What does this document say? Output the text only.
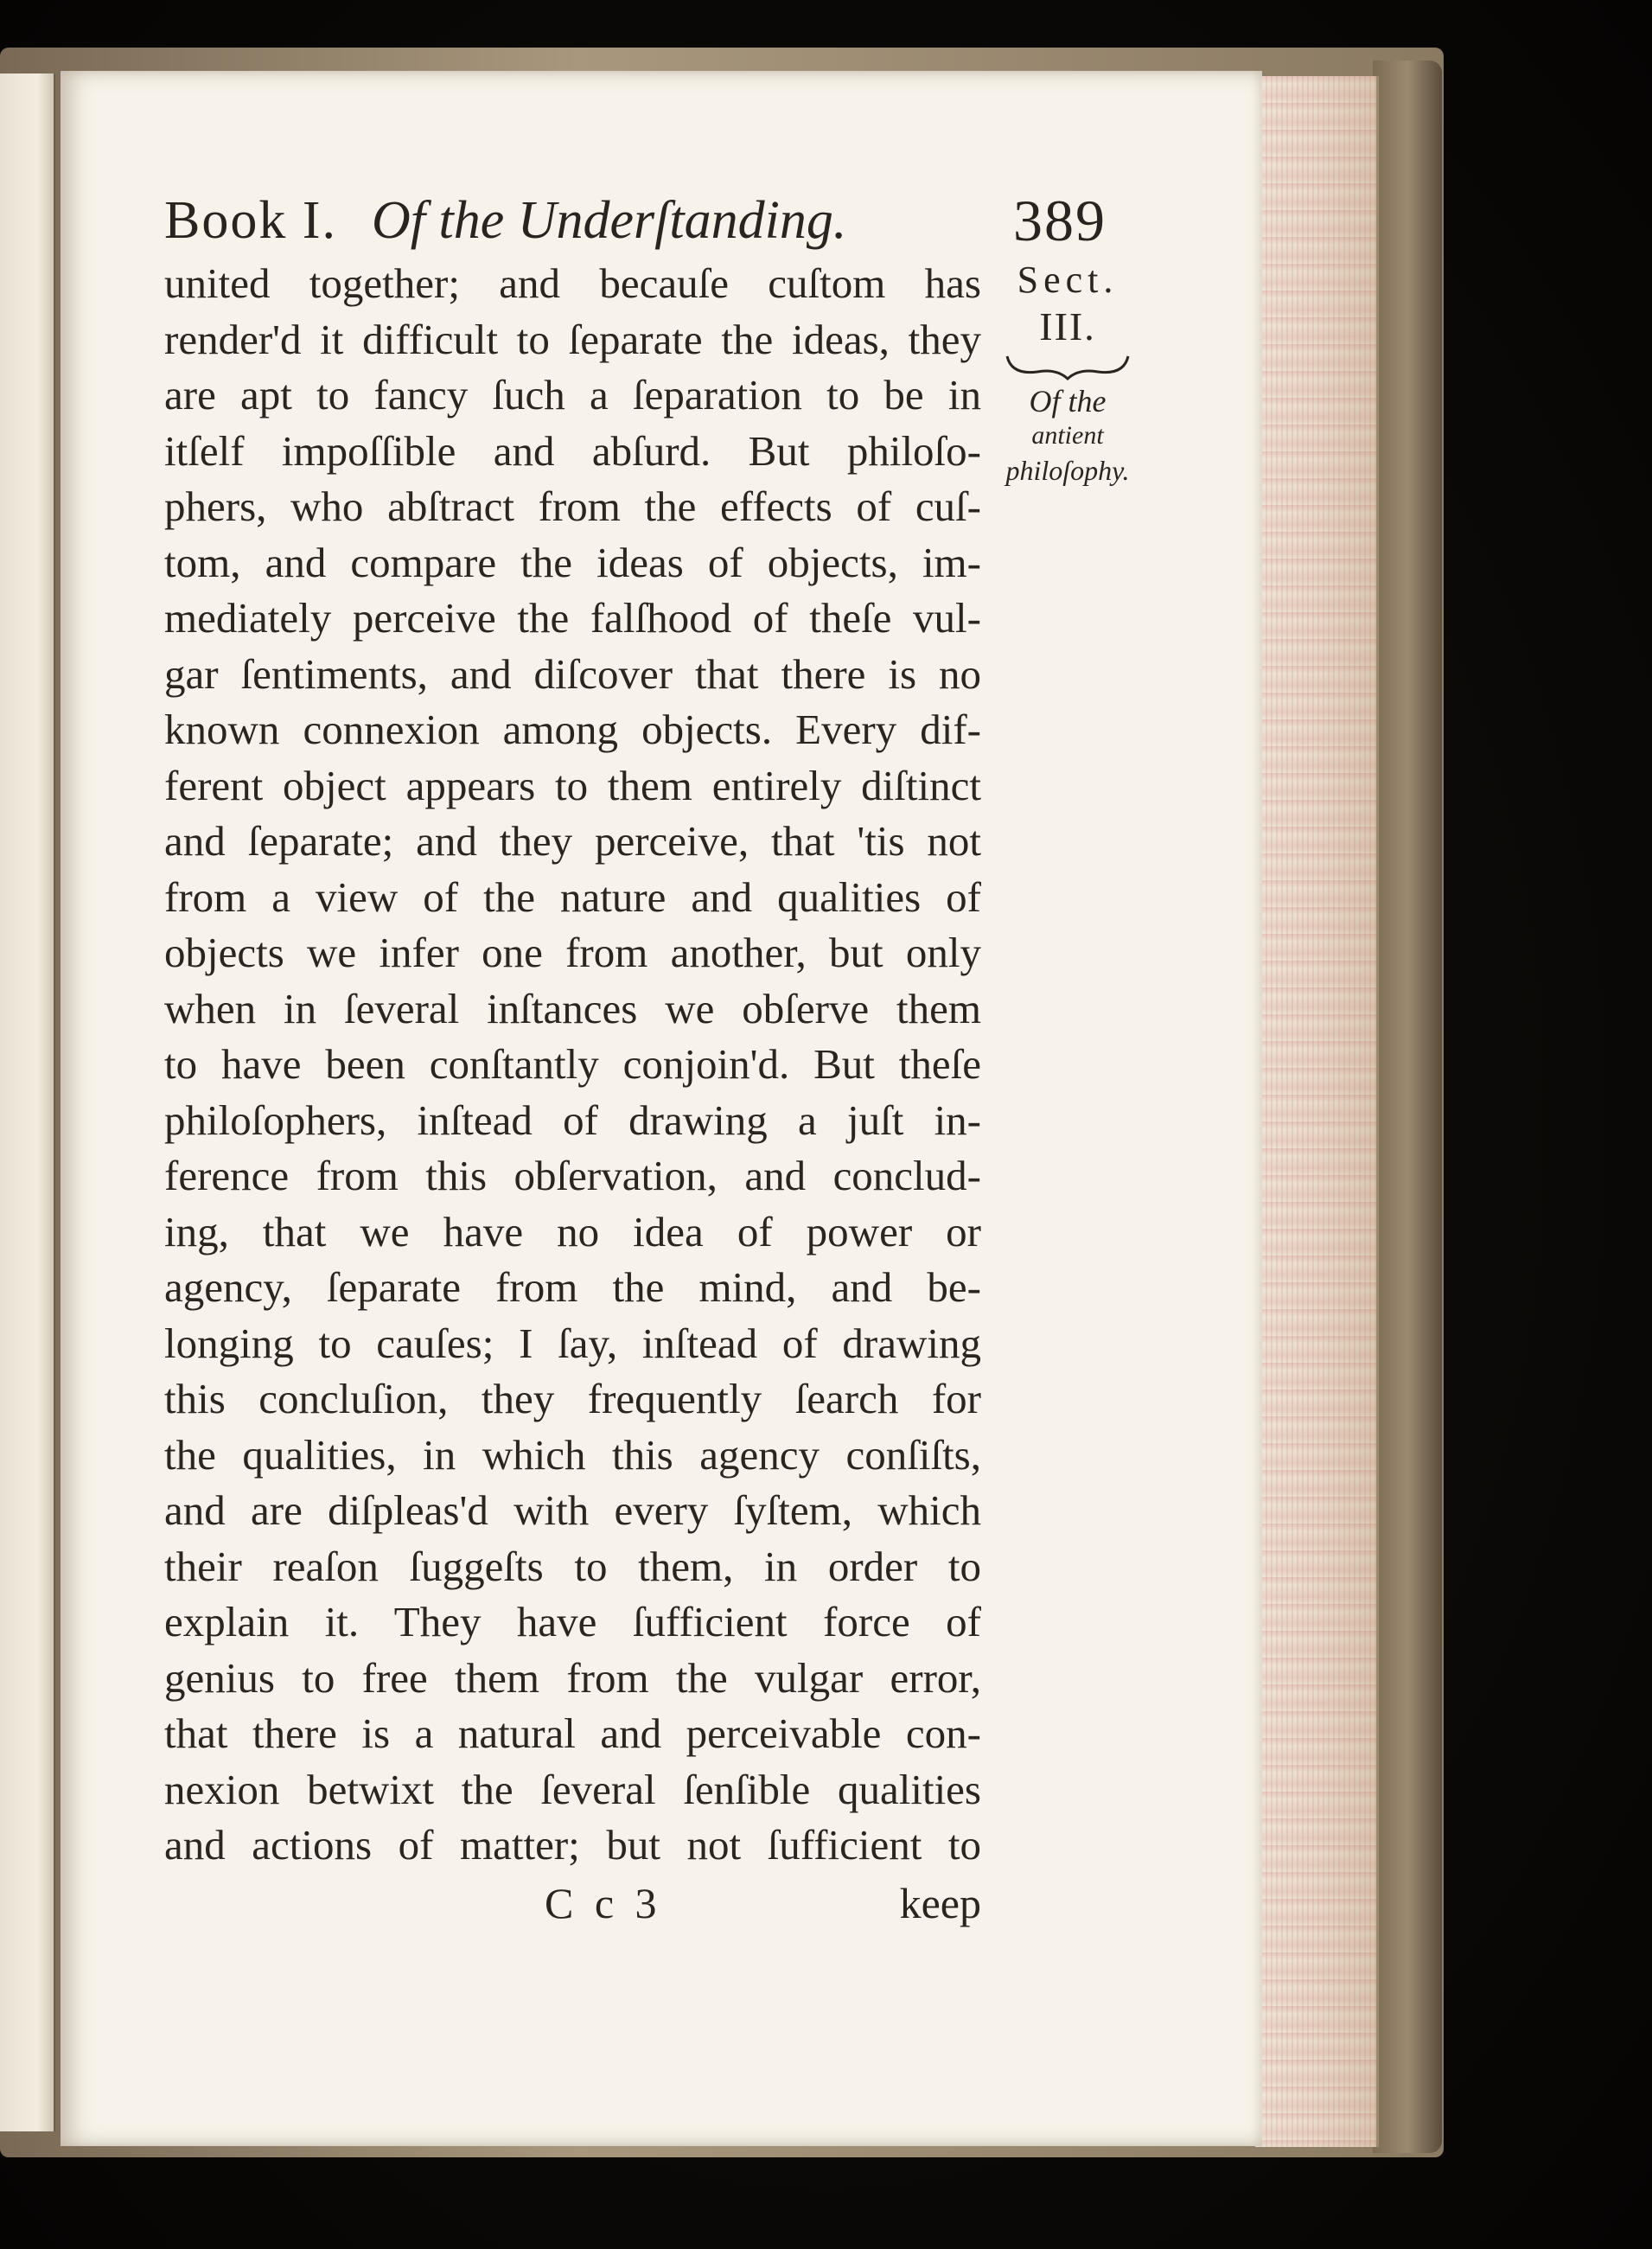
Book I. Of the Underſtanding.	389
united together; and becauſe cuſtom has
render'd it difficult to ſeparate the ideas, they
are apt to fancy ſuch a ſeparation to be in
itſelf impoſſible and abſurd. But philoſo-
phers, who abſtract from the effects of cuſ-
tom, and compare the ideas of objects, im-
mediately perceive the falſhood of theſe vul-
gar ſentiments, and diſcover that there is no
known connexion among objects. Every dif-
ferent object appears to them entirely diſtinct
and ſeparate; and they perceive, that 'tis not
from a view of the nature and qualities of
objects we infer one from another, but only
when in ſeveral inſtances we obſerve them
to have been conſtantly conjoin'd. But theſe
philoſophers, inſtead of drawing a juſt in-
ference from this obſervation, and conclud-
ing, that we have no idea of power or
agency, ſeparate from the mind, and be-
longing to cauſes; I ſay, inſtead of drawing
this concluſion, they frequently ſearch for
the qualities, in which this agency conſiſts,
and are diſpleas'd with every ſyſtem, which
their reaſon ſuggeſts to them, in order to
explain it. They have ſufficient force of
genius to free them from the vulgar error,
that there is a natural and perceivable con-
nexion betwixt the ſeveral ſenſible qualities
and actions of matter; but not ſufficient to
Sect.
III.
Of the
antient
philoſophy.
C c 3	keep
